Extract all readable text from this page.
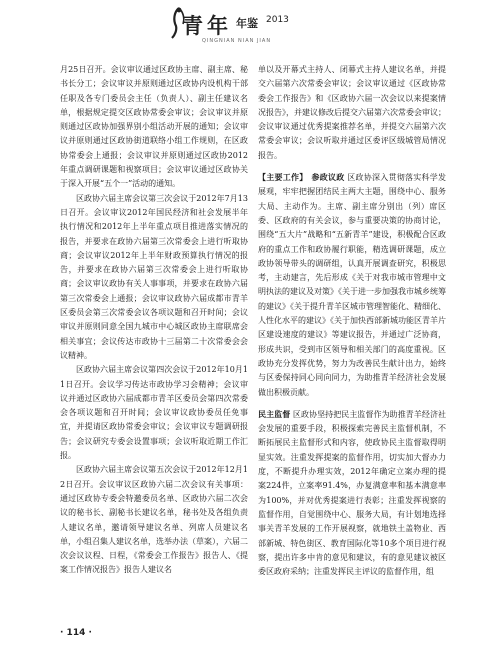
青年 年鉴 2013
QINGNIAN NIAN JIAN

月25日召开。会议审议通过区政协主席、副主席、秘书长分工；会议审议并原则通过区政协内设机构干部任职及各专门委员会主任（负责人）、副主任建议名单，根据规定提交区政协常委会审议；会议审议并原则通过区政协加强界别小组活动开展的通知；会议审议并原则通过区政协街道联络小组工作规则，在区政协常委会上通报；会议审议并原则通过区政协2012年重点调研课题和视察项目；会议审议通过区政协关于深入开展“五个一”活动的通知。

区政协六届主席会议第三次会议于2012年7月13日召开。会议审议2012年国民经济和社会发展半年执行情况和2012年上半年重点项目推进落实情况的报告，并要求在政协六届第三次常委会上进行听取协商；会议审议2012年上半年财政预算执行情况的报告，并要求在政协六届第三次常委会上进行听取协商；会议审议政协有关人事事项，并要求在政协六届第三次常委会上通报；会议审议政协六届成都市青羊区委员会第三次常委会议各项议题和召开时间；会议审议并原则同意全国九城市中心城区政协主席联席会相关事宜；会议传达市政协十三届第二十次常委会会议精神。

区政协六届主席会议第四次会议于2012年10月11日召开。会议学习传达市政协学习会精神；会议审议并通过区政协六届成都市青羊区委员会第四次常委会各项议题和召开时间；会议审议政协委员任免事宜，并提请区政协常委会审议；会议审议专题调研报告；会议研究专委会设置事项；会议听取近期工作汇报。

区政协六届主席会议第五次会议于2012年12月12日召开。会议审议区政协六届二次会议有关事项：通过区政协专委会特邀委员名单、区政协六届二次会议的秘书长、副秘书长建议名单，秘书处及各组负责人建议名单，邀请领导建议名单、列席人员建议名单，小组召集人建议名单，选举办法（草案），六届二次会议议程、日程，《常委会工作报告》报告人、《提案工作情况报告》报告人建议名

单以及开幕式主持人、闭幕式主持人建议名单，并提交六届第六次常委会审议；会议审议通过《区政协常委会工作报告》和《区政协六届一次会议以来提案情况报告》，并建议修改后提交六届第六次常委会审议；会议审议通过优秀提案推荐名单，并提交六届第六次常委会审议；会议听取并通过区委评区级城管局情况报告。

【主要工作】 参政议政 区政协深入贯彻落实科学发展观，牢牢把握团结民主两大主题，围绕中心、服务大局、主动作为。主席、副主席分别出（列）席区委、区政府的有关会议，参与重要决策的协商讨论，围绕“五大片”战略和“五新青羊”建设，积极配合区政府的重点工作和政协履行职能，精选调研课题，成立政协领导带头的调研组，认真开展调查研究，积极思考，主动建言，先后形成《关于对我市城市管理中文明执法的建议及对策》《关于进一步加强我市城乡统筹的建议》《关于提升青羊区城市管理智能化、精细化、人性化水平的建议》《关于加快西部新城功能区青羊片区建设速度的建议》等建议报告，并通过广泛协商，形成共识，受到市区领导和相关部门的高度重视。区政协充分发挥优势，努力为改善民生献计出力，始终与区委保持同心同向同力，为助推青羊经济社会发展做出积极贡献。

民主监督 区政协坚持把民主监督作为助推青羊经济社会发展的重要手段，积极探索完善民主监督机制，不断拓展民主监督形式和内容，使政协民主监督取得明显实效。注重发挥提案的监督作用，切实加大督办力度，不断提升办理实效，2012年确定立案办理的提案224件，立案率91.4%，办复满意率和基本满意率为100%，并对优秀提案进行表彰；注重发挥视察的监督作用，自觉围绕中心、服务大局，有计划地选择事关青羊发展的工作开展视察，就地铁土盖物业、西部新城、特色街区、教育国际化等10多个项目进行视察，提出许多中肯的意见和建议，有的意见建议被区委区政府采纳；注重发挥民主评议的监督作用，组

· 114 ·
